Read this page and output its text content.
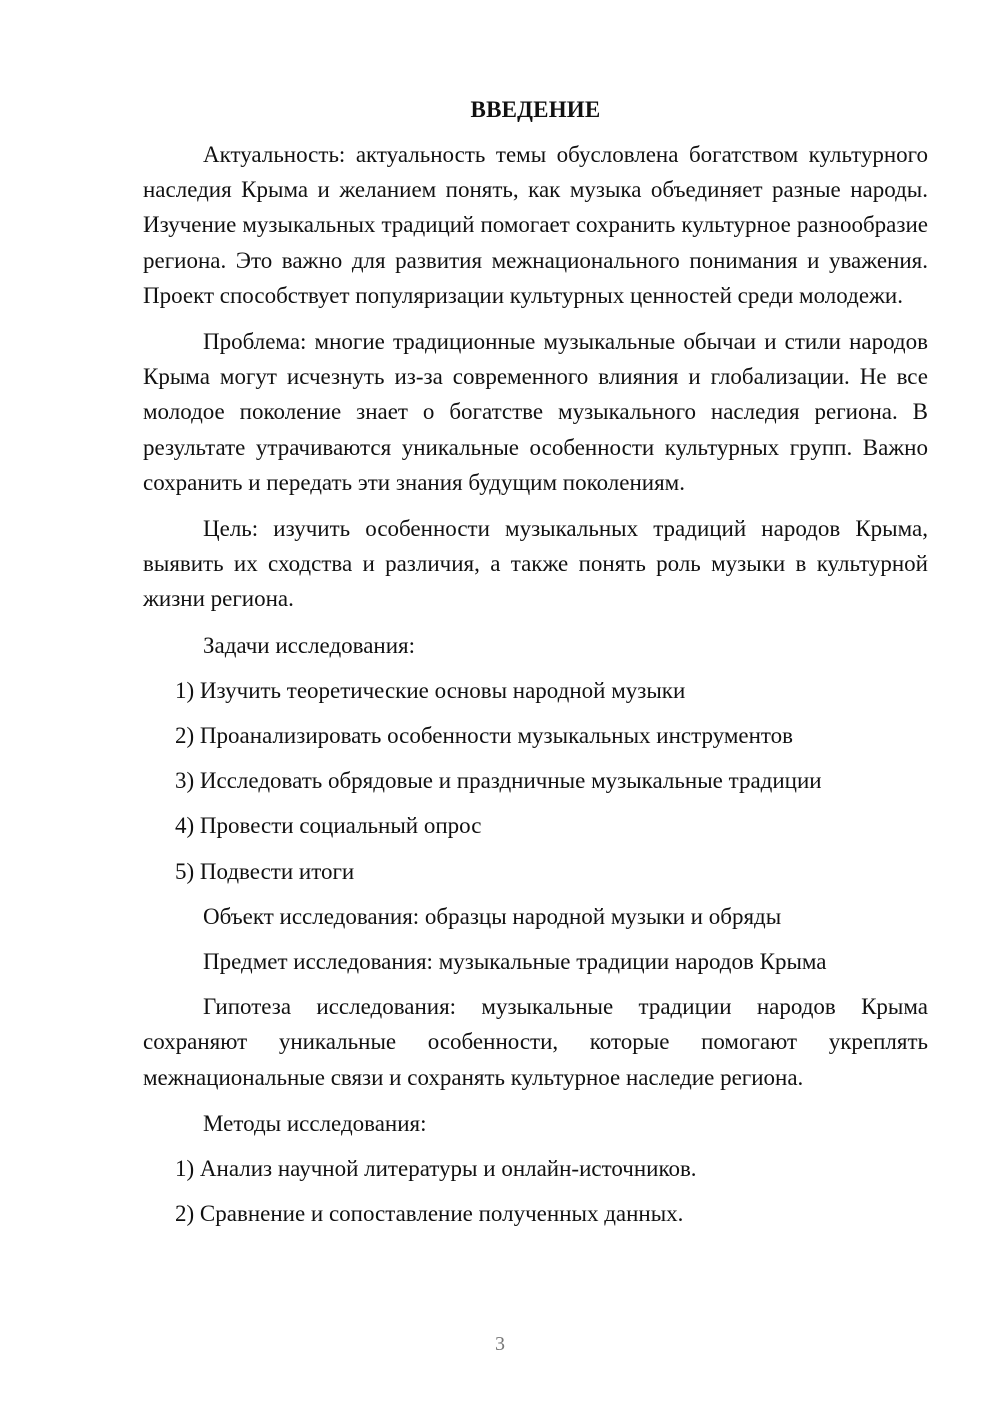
ВВЕДЕНИЕ

Актуальность: актуальность темы обусловлена богатством культурного наследия Крыма и желанием понять, как музыка объединяет разные народы. Изучение музыкальных традиций помогает сохранить культурное разнообразие региона. Это важно для развития межнационального понимания и уважения. Проект способствует популяризации культурных ценностей среди молодежи.

Проблема: многие традиционные музыкальные обычаи и стили народов Крыма могут исчезнуть из-за современного влияния и глобализации. Не все молодое поколение знает о богатстве музыкального наследия региона. В результате утрачиваются уникальные особенности культурных групп. Важно сохранить и передать эти знания будущим поколениям.

Цель: изучить особенности музыкальных традиций народов Крыма, выявить их сходства и различия, а также понять роль музыки в культурной жизни региона.

Задачи исследования:

1) Изучить теоретические основы народной музыки

2) Проанализировать особенности музыкальных инструментов

3) Исследовать обрядовые и праздничные музыкальные традиции

4) Провести социальный опрос

5) Подвести итоги

Объект исследования: образцы народной музыки и обряды

Предмет исследования: музыкальные традиции народов Крыма

Гипотеза исследования: музыкальные традиции народов Крыма сохраняют уникальные особенности, которые помогают укреплять межнациональные связи и сохранять культурное наследие региона.

Методы исследования:

1) Анализ научной литературы и онлайн-источников.

2) Сравнение и сопоставление полученных данных.

3
